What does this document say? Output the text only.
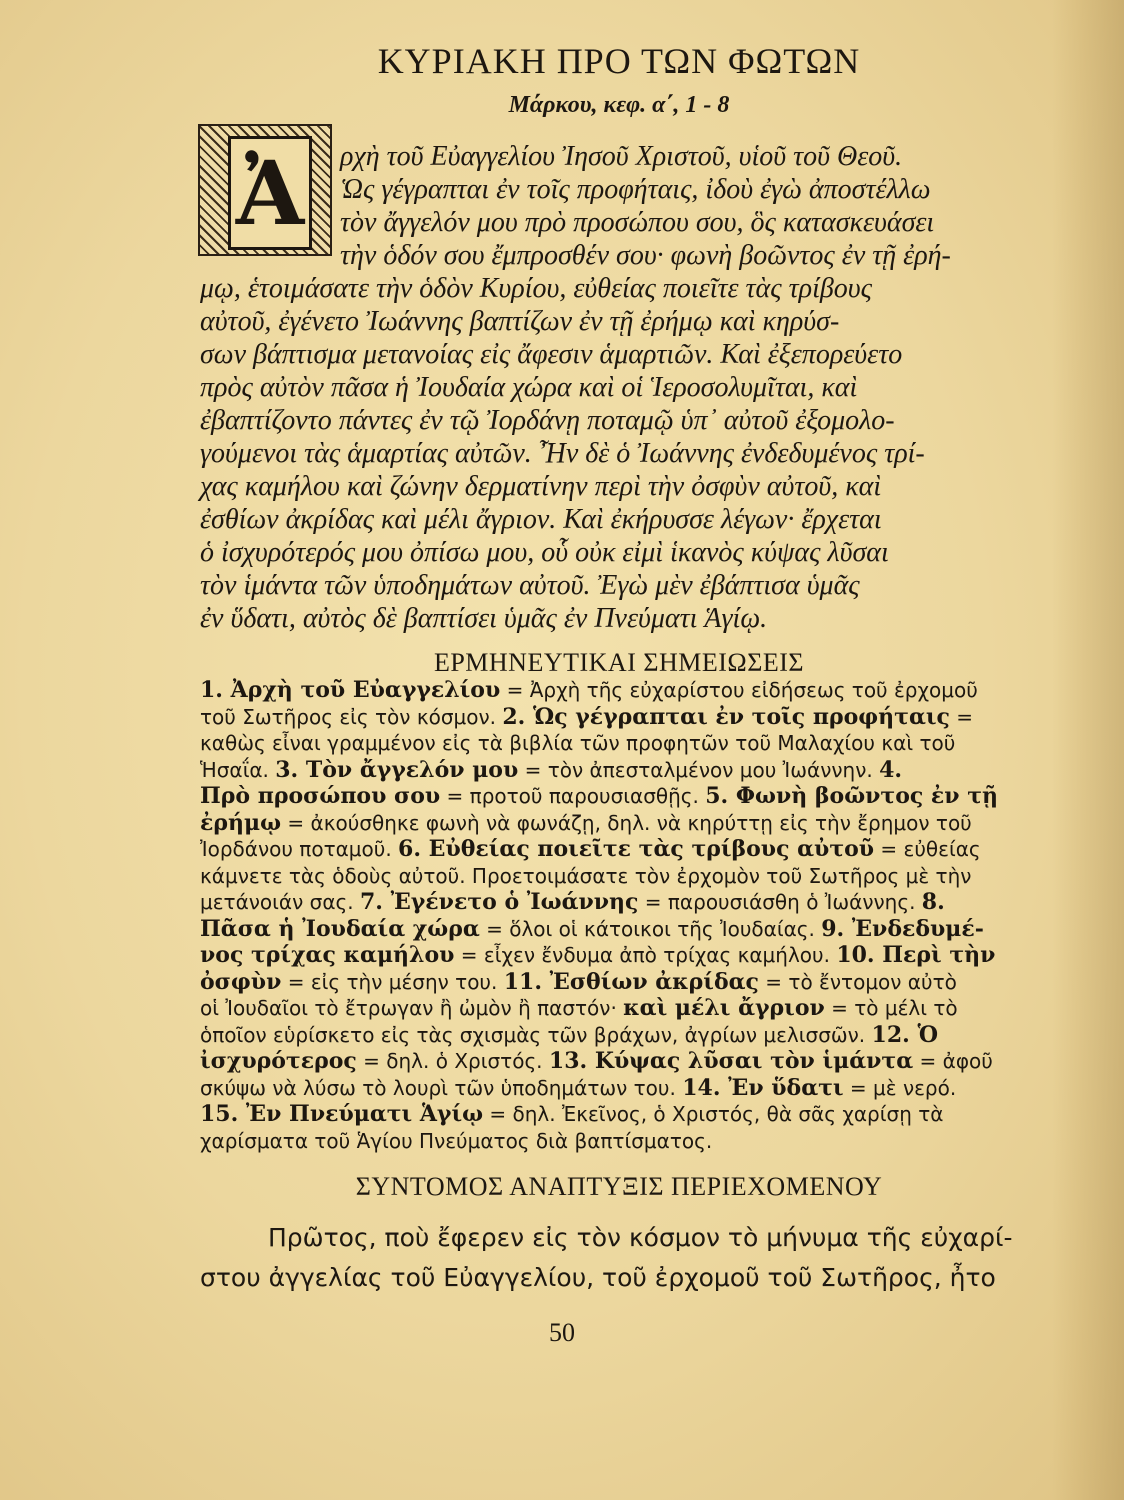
ΚΥΡΙΑΚΗ ΠΡΟ ΤΩΝ ΦΩΤΩΝ
Μάρκου, κεφ. α΄, 1 - 8
Ἀ ρχὴ τοῦ Εὐαγγελίου Ἰησοῦ Χριστοῦ, υἱοῦ τοῦ Θεοῦ.
Ὡς γέγραπται ἐν τοῖς προφήταις, ἰδοὺ ἐγὼ ἀποστέλλω
τὸν ἄγγελόν μου πρὸ προσώπου σου, ὃς κατασκευάσει
τὴν ὁδόν σου ἔμπροσθέν σου· φωνὴ βοῶντος ἐν τῇ ἐρή-
μῳ, ἑτοιμάσατε τὴν ὁδὸν Κυρίου, εὐθείας ποιεῖτε τὰς τρίβους
αὐτοῦ, ἐγένετο Ἰωάννης βαπτίζων ἐν τῇ ἐρήμῳ καὶ κηρύσ-
σων βάπτισμα μετανοίας εἰς ἄφεσιν ἁμαρτιῶν. Καὶ ἐξεπορεύετο
πρὸς αὐτὸν πᾶσα ἡ Ἰουδαία χώρα καὶ οἱ Ἱεροσολυμῖται, καὶ
ἐβαπτίζοντο πάντες ἐν τῷ Ἰορδάνῃ ποταμῷ ὑπ᾽ αὐτοῦ ἐξομολο-
γούμενοι τὰς ἁμαρτίας αὐτῶν. Ἦν δὲ ὁ Ἰωάννης ἐνδεδυμένος τρί-
χας καμήλου καὶ ζώνην δερματίνην περὶ τὴν ὀσφὺν αὐτοῦ, καὶ
ἐσθίων ἀκρίδας καὶ μέλι ἄγριον. Καὶ ἐκήρυσσε λέγων· ἔρχεται
ὁ ἰσχυρότερός μου ὀπίσω μου, οὗ οὐκ εἰμὶ ἱκανὸς κύψας λῦσαι
τὸν ἱμάντα τῶν ὑποδημάτων αὐτοῦ. Ἐγὼ μὲν ἐβάπτισα ὑμᾶς
ἐν ὕδατι, αὐτὸς δὲ βαπτίσει ὑμᾶς ἐν Πνεύματι Ἁγίῳ.
ΕΡΜΗΝΕΥΤΙΚΑΙ ΣΗΜΕΙΩΣΕΙΣ
ΣΥΝΤΟΜΟΣ ΑΝΑΠΤΥΞΙΣ ΠΕΡΙΕΧΟΜΕΝΟΥ
1. Ἀρχὴ τοῦ Εὐαγγελίου = Ἀρχὴ τῆς εὐχαρίστου εἰδήσεως τοῦ ἐρχομοῦ
τοῦ Σωτῆρος εἰς τὸν κόσμον. 2. Ὡς γέγραπται ἐν τοῖς προφήταις =
καθὼς εἶναι γραμμένον εἰς τὰ βιβλία τῶν προφητῶν τοῦ Μαλαχίου καὶ τοῦ
Ἡσαΐα. 3. Τὸν ἄγγελόν μου = τὸν ἀπεσταλμένον μου Ἰωάννην. 4.
Πρὸ προσώπου σου = προτοῦ παρουσιασθῇς. 5. Φωνὴ βοῶντος ἐν τῇ
ἐρήμῳ = ἀκούσθηκε φωνὴ νὰ φωνάζῃ, δηλ. νὰ κηρύττῃ εἰς τὴν ἔρημον τοῦ
Ἰορδάνου ποταμοῦ. 6. Εὐθείας ποιεῖτε τὰς τρίβους αὐτοῦ = εὐθείας
κάμνετε τὰς ὁδοὺς αὐτοῦ. Προετοιμάσατε τὸν ἐρχομὸν τοῦ Σωτῆρος μὲ τὴν
μετάνοιάν σας. 7. Ἐγένετο ὁ Ἰωάννης = παρουσιάσθη ὁ Ἰωάννης. 8.
Πᾶσα ἡ Ἰουδαία χώρα = ὅλοι οἱ κάτοικοι τῆς Ἰουδαίας. 9. Ἐνδεδυμέ-
νος τρίχας καμήλου = εἶχεν ἔνδυμα ἀπὸ τρίχας καμήλου. 10. Περὶ τὴν
ὀσφὺν = εἰς τὴν μέσην του. 11. Ἐσθίων ἀκρίδας = τὸ ἔντομον αὐτὸ
οἱ Ἰουδαῖοι τὸ ἔτρωγαν ἢ ὠμὸν ἢ παστόν· καὶ μέλι ἄγριον = τὸ μέλι τὸ
ὁποῖον εὑρίσκετο εἰς τὰς σχισμὰς τῶν βράχων, ἀγρίων μελισσῶν. 12. Ὁ
ἰσχυρότερος = δηλ. ὁ Χριστός. 13. Κύψας λῦσαι τὸν ἱμάντα = ἀφοῦ
σκύψω νὰ λύσω τὸ λουρὶ τῶν ὑποδημάτων του. 14. Ἐν ὕδατι = μὲ νερό.
15. Ἐν Πνεύματι Ἁγίῳ = δηλ. Ἐκεῖνος, ὁ Χριστός, θὰ σᾶς χαρίσῃ τὰ
χαρίσματα τοῦ Ἁγίου Πνεύματος διὰ βαπτίσματος.
Πρῶτος, ποὺ ἔφερεν εἰς τὸν κόσμον τὸ μήνυμα τῆς εὐχαρί-
στου ἀγγελίας τοῦ Εὐαγγελίου, τοῦ ἐρχομοῦ τοῦ Σωτῆρος, ἦτο
50
